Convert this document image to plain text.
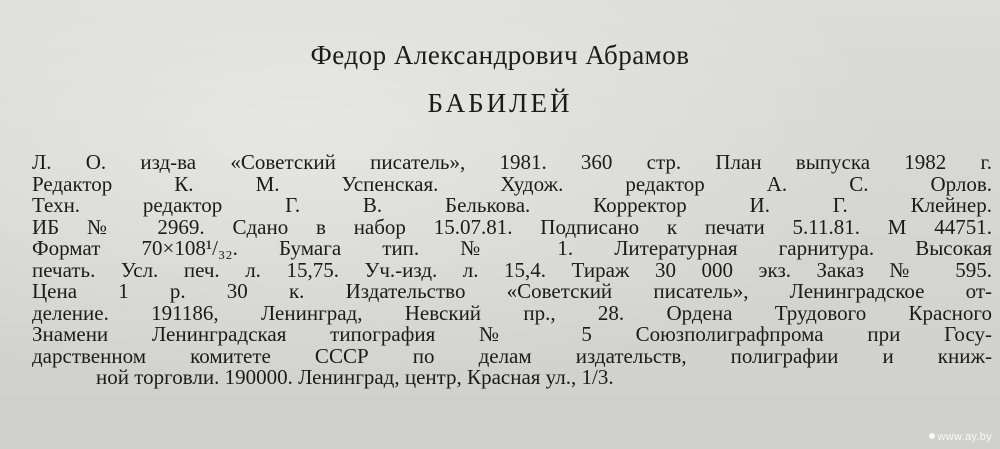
Федор Александрович Абрамов
БАБИЛЕЙ
Л. О. изд-ва «Советский писатель», 1981. 360 стр. План выпуска 1982 г.
Редактор К. М. Успенская. Худож. редактор А. С. Орлов.
Техн. редактор Г. В. Белькова. Корректор И. Г. Клейнер.
ИБ № 2969. Сдано в набор 15.07.81. Подписано к печати 5.11.81. М 44751.
Формат 70×108¹/₃₂. Бумага тип. № 1. Литературная гарнитура. Высокая
печать. Усл. печ. л. 15,75. Уч.-изд. л. 15,4. Тираж 30 000 экз. Заказ № 595.
Цена 1 р. 30 к. Издательство «Советский писатель», Ленинградское от-
деление. 191186, Ленинград, Невский пр., 28. Ордена Трудового Красного
Знамени Ленинградская типография № 5 Союзполиграфпрома при Госу-
дарственном комитете СССР по делам издательств, полиграфии и книж-
ной торговли. 190000. Ленинград, центр, Красная ул., 1/3.
www.ay.by
